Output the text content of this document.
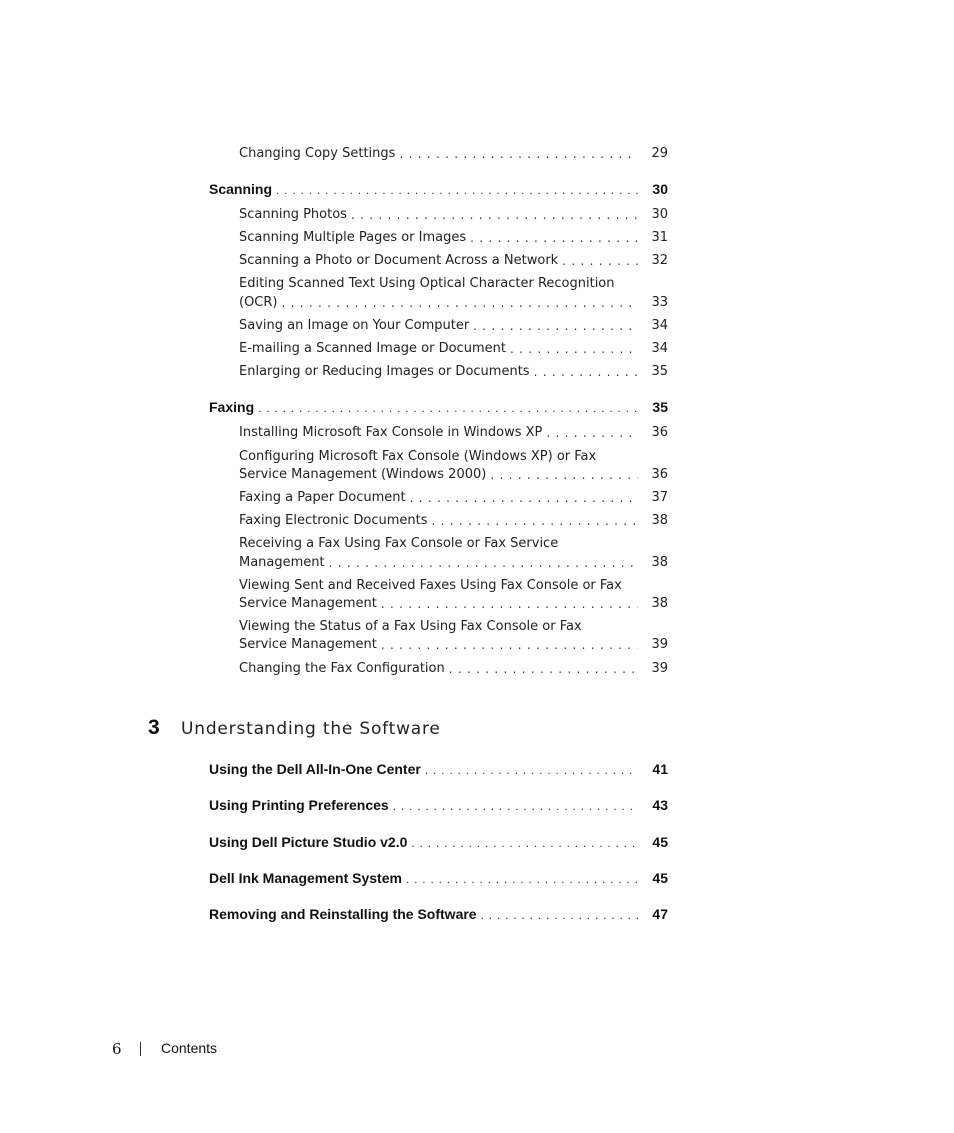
Changing Copy Settings . . .	29
Scanning . . .	30
Scanning Photos . . .	30
Scanning Multiple Pages or Images . . .	31
Scanning a Photo or Document Across a Network . . .	32
Editing Scanned Text Using Optical Character Recognition
(OCR) . . .	33
Saving an Image on Your Computer . . .	34
E-mailing a Scanned Image or Document . . .	34
Enlarging or Reducing Images or Documents . . .	35
Faxing . . .	35
Installing Microsoft Fax Console in Windows XP . . .	36
Configuring Microsoft Fax Console (Windows XP) or Fax
Service Management (Windows 2000) . . .	36
Faxing a Paper Document . . .	37
Faxing Electronic Documents . . .	38
Receiving a Fax Using Fax Console or Fax Service
Management . . .	38
Viewing Sent and Received Faxes Using Fax Console or Fax
Service Management . . .	38
Viewing the Status of a Fax Using Fax Console or Fax
Service Management . . .	39
Changing the Fax Configuration . . .	39
3 Understanding the Software
Using the Dell All-In-One Center . . .	41
Using Printing Preferences . . .	43
Using Dell Picture Studio v2.0 . . .	45
Dell Ink Management System . . .	45
Removing and Reinstalling the Software . . .	47
6	Contents
